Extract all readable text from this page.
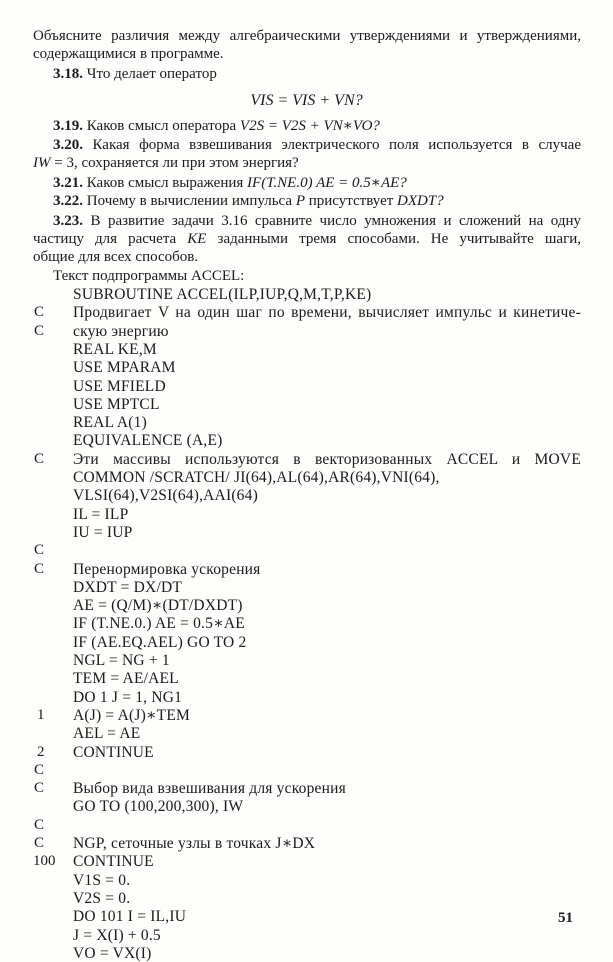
Объясните различия между алгебраическими утверждениями и утверждениями,
содержащимися в программе.
3.18. Что делает оператор
VIS = VIS + VN?
3.19. Каков смысл оператора V2S = V2S + VN∗VO?
3.20. Какая форма взвешивания электрического поля используется в случае
IW = 3, сохраняется ли при этом энергия?
3.21. Каков смысл выражения IF(T.NE.0) AE = 0.5∗AE?
3.22. Почему в вычислении импульса P присутствует DXDT?
3.23. В развитие задачи 3.16 сравните число умножения и сложений на одну
частицу для расчета KE заданными тремя способами. Не учитывайте шаги,
общие для всех способов.
Текст подпрограммы ACCEL:
SUBROUTINE ACCEL(ILP,IUP,Q,M,T,P,KE)
C Продвигает V на один шаг по времени, вычисляет импульс и кинетиче-
C скую энергию
REAL KE,M
USE MPARAM
USE MFIELD
USE MPTCL
REAL A(1)
EQUIVALENCE (A,E)
C Эти массивы используются в векторизованных ACCEL и MOVE
COMMON /SCRATCH/ JI(64),AL(64),AR(64),VNI(64),
VLSI(64),V2SI(64),AAI(64)
IL = ILP
IU = IUP
C
C Перенормировка ускорения
DXDT = DX/DT
AE = (Q/M)∗(DT/DXDT)
IF (T.NE.0.) AE = 0.5∗AE
IF (AE.EQ.AEL) GO TO 2
NGL = NG + 1
TEM = AE/AEL
DO 1 J = 1, NG1
1 A(J) = A(J)∗TEM
AEL = AE
2 CONTINUE
C
C Выбор вида взвешивания для ускорения
GO TO (100,200,300), IW
C
C NGP, сеточные узлы в точках J∗DX
100 CONTINUE
V1S = 0.
V2S = 0.
DO 101 I = IL,IU
J = X(I) + 0.5
VO = VX(I)
51
